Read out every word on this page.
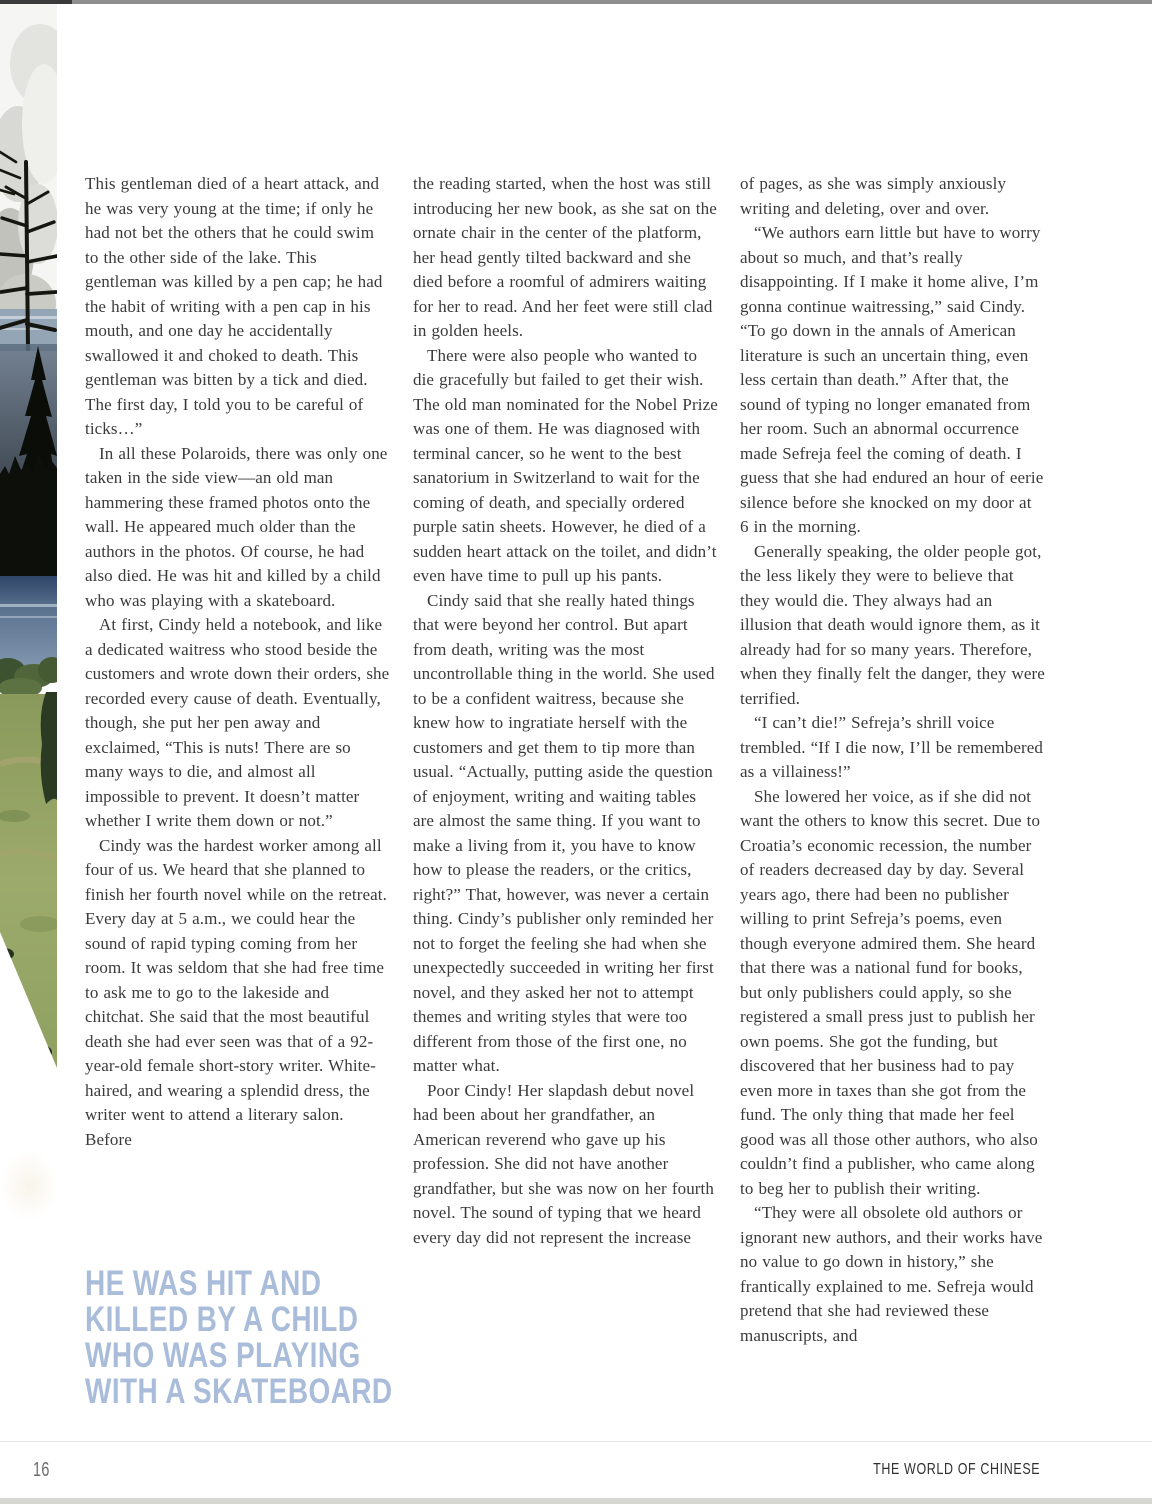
This gentleman died of a heart attack, and he was very young at the time; if only he had not bet the others that he could swim to the other side of the lake. This gentleman was killed by a pen cap; he had the habit of writing with a pen cap in his mouth, and one day he accidentally swallowed it and choked to death. This gentleman was bitten by a tick and died. The first day, I told you to be careful of ticks…”

In all these Polaroids, there was only one taken in the side view—an old man hammering these framed photos onto the wall. He appeared much older than the authors in the photos. Of course, he had also died. He was hit and killed by a child who was playing with a skateboard.

At first, Cindy held a notebook, and like a dedicated waitress who stood beside the customers and wrote down their orders, she recorded every cause of death. Eventually, though, she put her pen away and exclaimed, “This is nuts! There are so many ways to die, and almost all impossible to prevent. It doesn’t matter whether I write them down or not.”

Cindy was the hardest worker among all four of us. We heard that she planned to finish her fourth novel while on the retreat. Every day at 5 a.m., we could hear the sound of rapid typing coming from her room. It was seldom that she had free time to ask me to go to the lakeside and chitchat. She said that the most beautiful death she had ever seen was that of a 92-year-old female short-story writer. White-haired, and wearing a splendid dress, the writer went to attend a literary salon. Before

the reading started, when the host was still introducing her new book, as she sat on the ornate chair in the center of the platform, her head gently tilted backward and she died before a roomful of admirers waiting for her to read. And her feet were still clad in golden heels.

There were also people who wanted to die gracefully but failed to get their wish. The old man nominated for the Nobel Prize was one of them. He was diagnosed with terminal cancer, so he went to the best sanatorium in Switzerland to wait for the coming of death, and specially ordered purple satin sheets. However, he died of a sudden heart attack on the toilet, and didn’t even have time to pull up his pants.

Cindy said that she really hated things that were beyond her control. But apart from death, writing was the most uncontrollable thing in the world. She used to be a confident waitress, because she knew how to ingratiate herself with the customers and get them to tip more than usual. “Actually, putting aside the question of enjoyment, writing and waiting tables are almost the same thing. If you want to make a living from it, you have to know how to please the readers, or the critics, right?” That, however, was never a certain thing. Cindy’s publisher only reminded her not to forget the feeling she had when she unexpectedly succeeded in writing her first novel, and they asked her not to attempt themes and writing styles that were too different from those of the first one, no matter what.

Poor Cindy! Her slapdash debut novel had been about her grandfather, an American reverend who gave up his profession. She did not have another grandfather, but she was now on her fourth novel. The sound of typing that we heard every day did not represent the increase

of pages, as she was simply anxiously writing and deleting, over and over.

“We authors earn little but have to worry about so much, and that’s really disappointing. If I make it home alive, I’m gonna continue waitressing,” said Cindy. “To go down in the annals of American literature is such an uncertain thing, even less certain than death.” After that, the sound of typing no longer emanated from her room. Such an abnormal occurrence made Sefreja feel the coming of death. I guess that she had endured an hour of eerie silence before she knocked on my door at 6 in the morning.

Generally speaking, the older people got, the less likely they were to believe that they would die. They always had an illusion that death would ignore them, as it already had for so many years. Therefore, when they finally felt the danger, they were terrified.

“I can’t die!” Sefreja’s shrill voice trembled. “If I die now, I’ll be remembered as a villainess!”

She lowered her voice, as if she did not want the others to know this secret. Due to Croatia’s economic recession, the number of readers decreased day by day. Several years ago, there had been no publisher willing to print Sefreja’s poems, even though everyone admired them. She heard that there was a national fund for books, but only publishers could apply, so she registered a small press just to publish her own poems. She got the funding, but discovered that her business had to pay even more in taxes than she got from the fund. The only thing that made her feel good was all those other authors, who also couldn’t find a publisher, who came along to beg her to publish their writing.

“They were all obsolete old authors or ignorant new authors, and their works have no value to go down in history,” she frantically explained to me. Sefreja would pretend that she had reviewed these manuscripts, and

HE WAS HIT AND
KILLED BY A CHILD
WHO WAS PLAYING
WITH A SKATEBOARD
16	THE WORLD OF CHINESE
